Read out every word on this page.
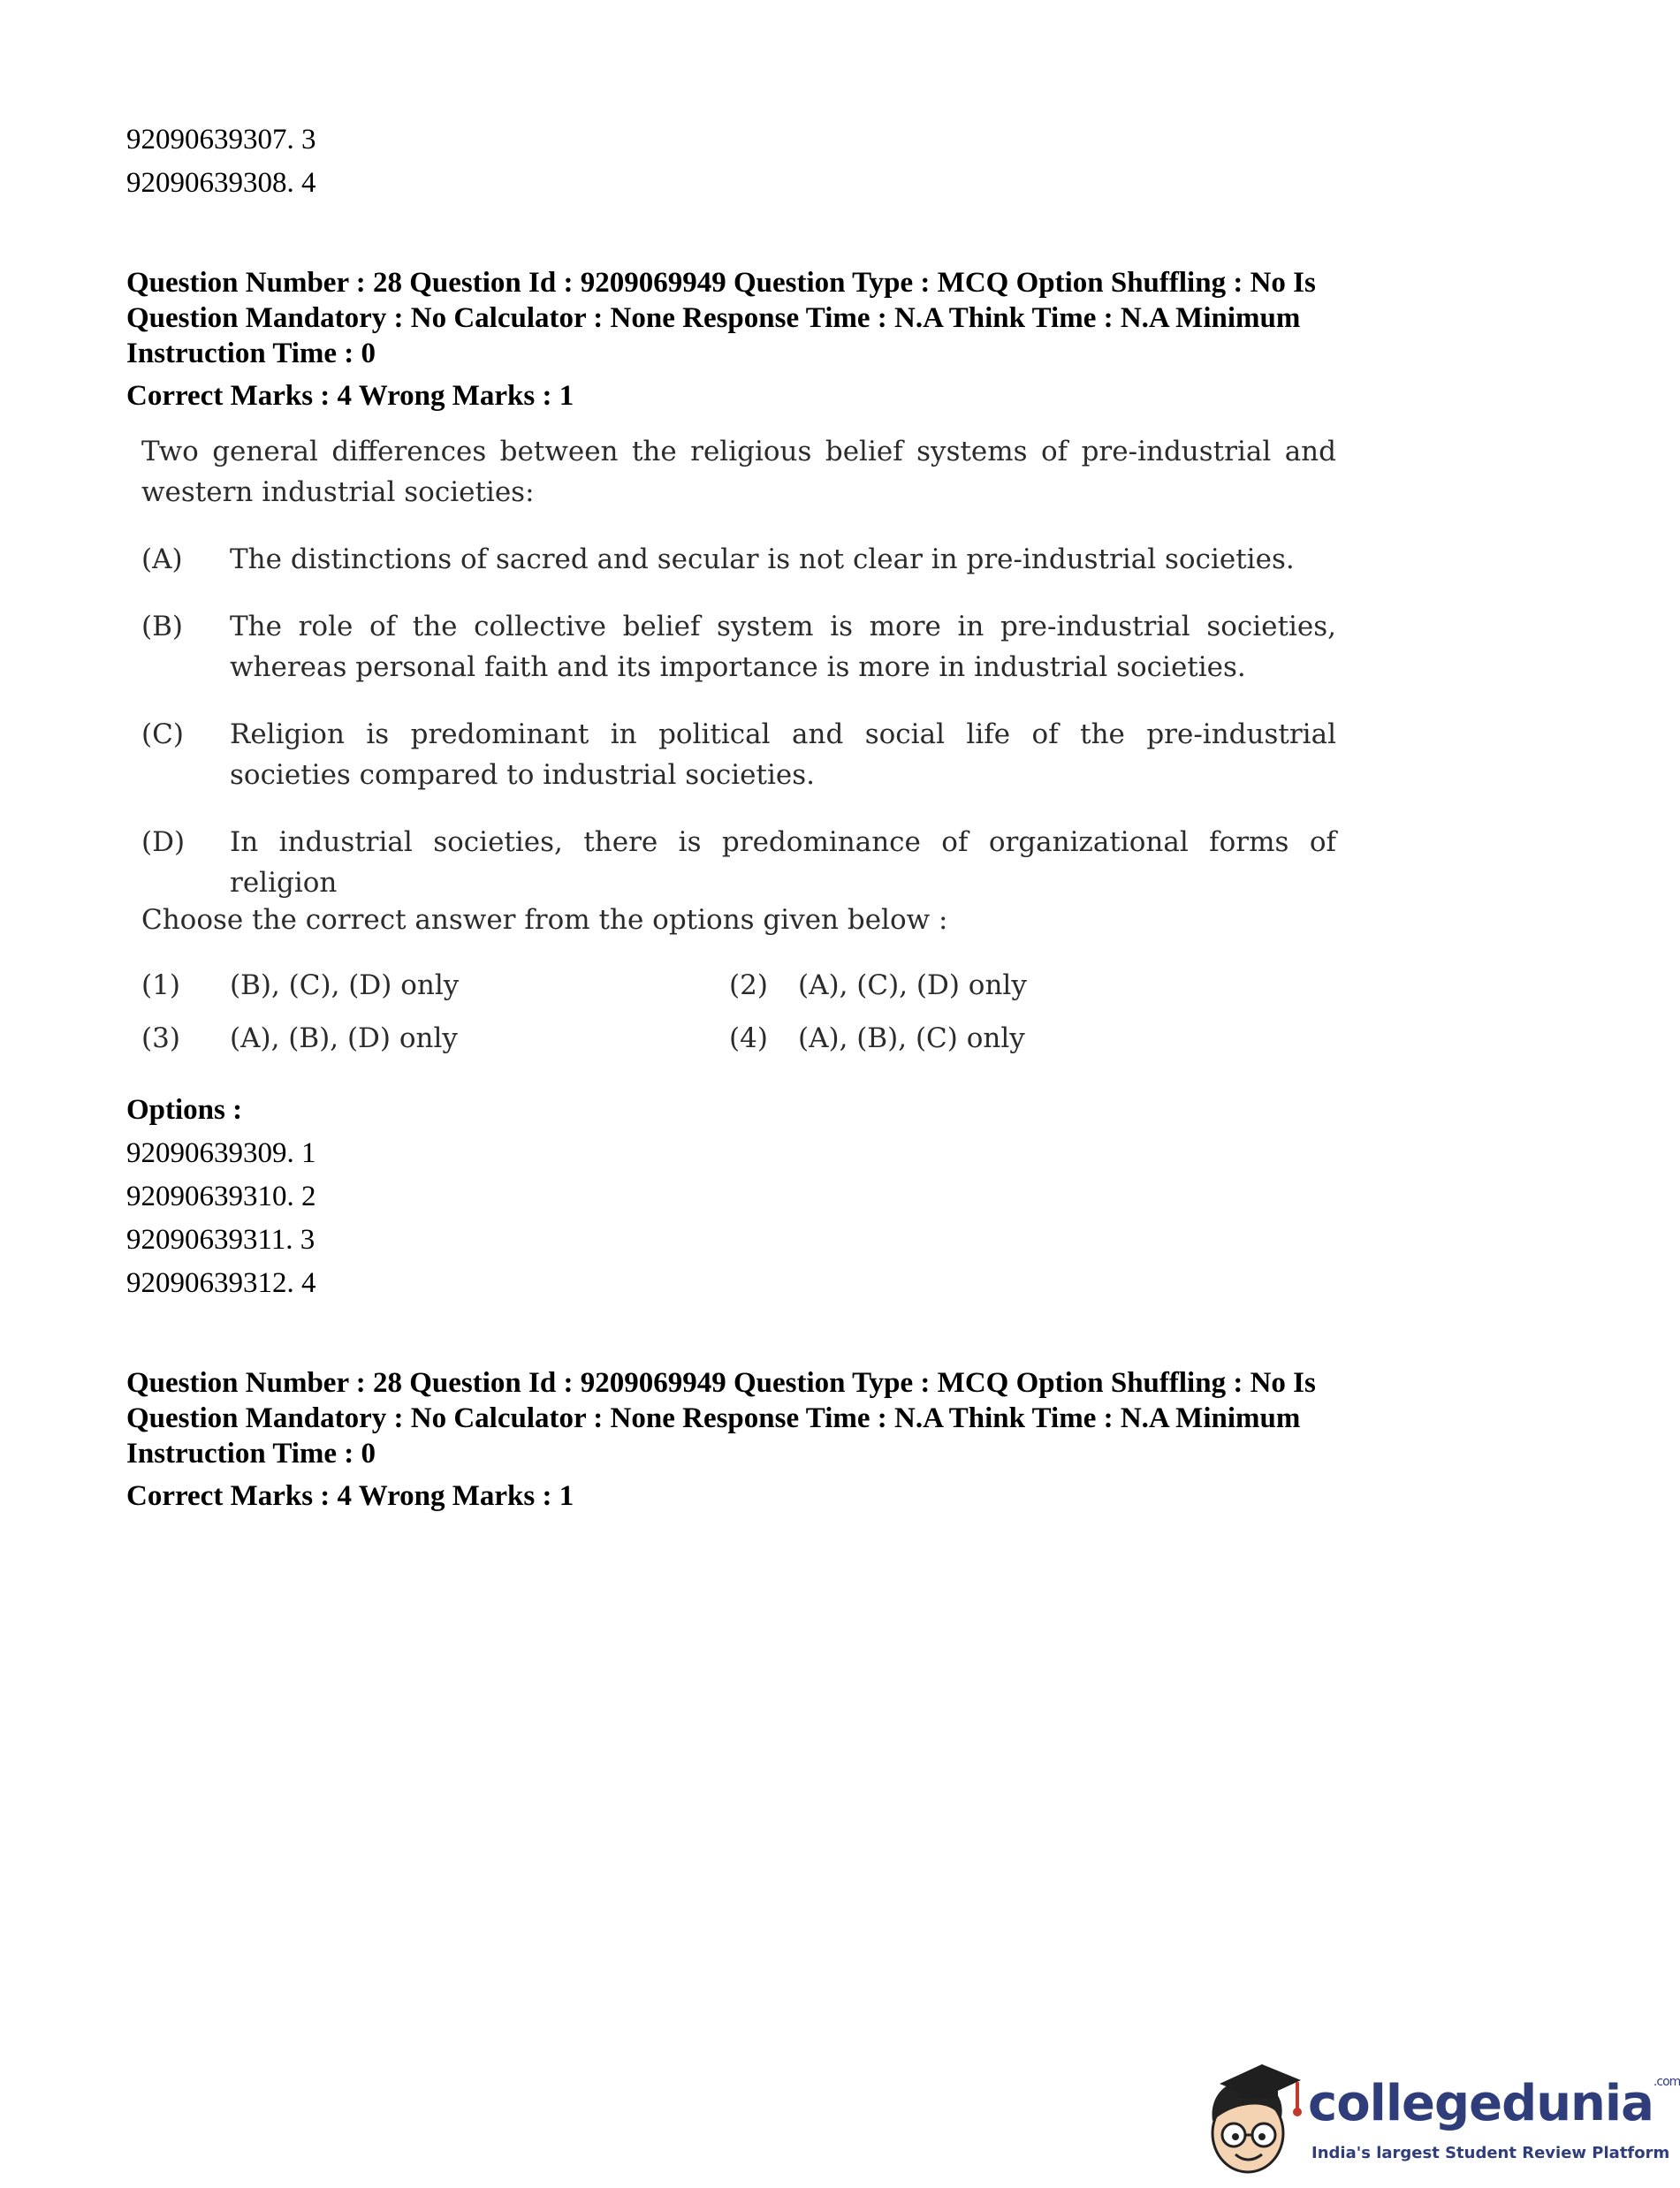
92090639307. 3
92090639308. 4
Question Number : 28 Question Id : 9209069949 Question Type : MCQ Option Shuffling : No Is Question Mandatory : No Calculator : None Response Time : N.A Think Time : N.A Minimum Instruction Time : 0
Correct Marks : 4 Wrong Marks : 1
Two general differences between the religious belief systems of pre-industrial and western industrial societies:
(A) The distinctions of sacred and secular is not clear in pre-industrial societies.
(B) The role of the collective belief system is more in pre-industrial societies, whereas personal faith and its importance is more in industrial societies.
(C) Religion is predominant in political and social life of the pre-industrial societies compared to industrial societies.
(D) In industrial societies, there is predominance of organizational forms of religion
Choose the correct answer from the options given below :
(1) (B), (C), (D) only	(2) (A), (C), (D) only
(3) (A), (B), (D) only	(4) (A), (B), (C) only
Options :
92090639309. 1
92090639310. 2
92090639311. 3
92090639312. 4
Question Number : 28 Question Id : 9209069949 Question Type : MCQ Option Shuffling : No Is Question Mandatory : No Calculator : None Response Time : N.A Think Time : N.A Minimum Instruction Time : 0
Correct Marks : 4 Wrong Marks : 1
collegedunia$^{.com}$
India's largest Student Review Platform
